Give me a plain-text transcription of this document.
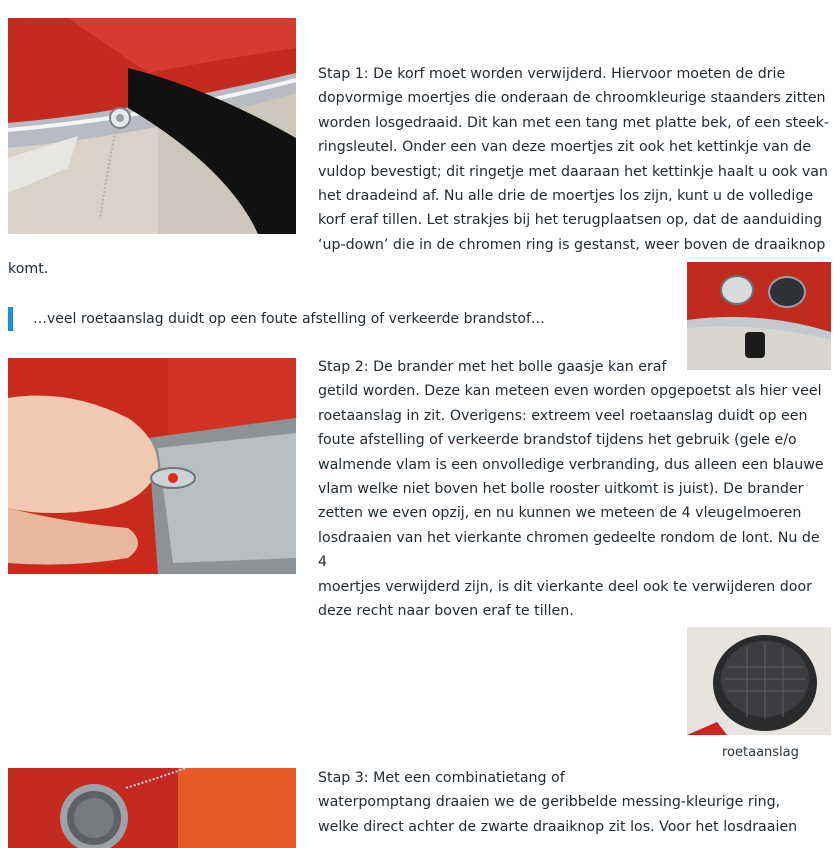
Stap 1: De korf moet worden verwijderd. Hiervoor moeten de drie
dopvormige moertjes die onderaan de chroomkleurige staanders zitten
worden losgedraaid. Dit kan met een tang met platte bek, of een steek-
ringsleutel. Onder een van deze moertjes zit ook het kettinkje van de
vuldop bevestigt; dit ringetje met daaraan het kettinkje haalt u ook van
het draadeind af. Nu alle drie de moertjes los zijn, kunt u de volledige
korf eraf tillen. Let strakjes bij het terugplaatsen op, dat de aanduiding
‘up-down’ die in de chromen ring is gestanst, weer boven de draaiknop
komt.
…veel roetaanslag duidt op een foute afstelling of verkeerde brandstof…
Stap 2: De brander met het bolle gaasje kan eraf
getild worden. Deze kan meteen even worden opgepoetst als hier veel
roetaanslag in zit. Overigens: extreem veel roetaanslag duidt op een
foute afstelling of verkeerde brandstof tijdens het gebruik (gele e/o
walmende vlam is een onvolledige verbranding, dus alleen een blauwe
vlam welke niet boven het bolle rooster uitkomt is juist). De brander
zetten we even opzij, en nu kunnen we meteen de 4 vleugelmoeren
losdraaien van het vierkante chromen gedeelte rondom de lont. Nu de 4
moertjes verwijderd zijn, is dit vierkante deel ook te verwijderen door
deze recht naar boven eraf te tillen.
roetaanslag
Stap 3: Met een combinatietang of
waterpomptang draaien we de geribbelde messing-kleurige ring,
welke direct achter de zwarte draaiknop zit los. Voor het losdraaien
